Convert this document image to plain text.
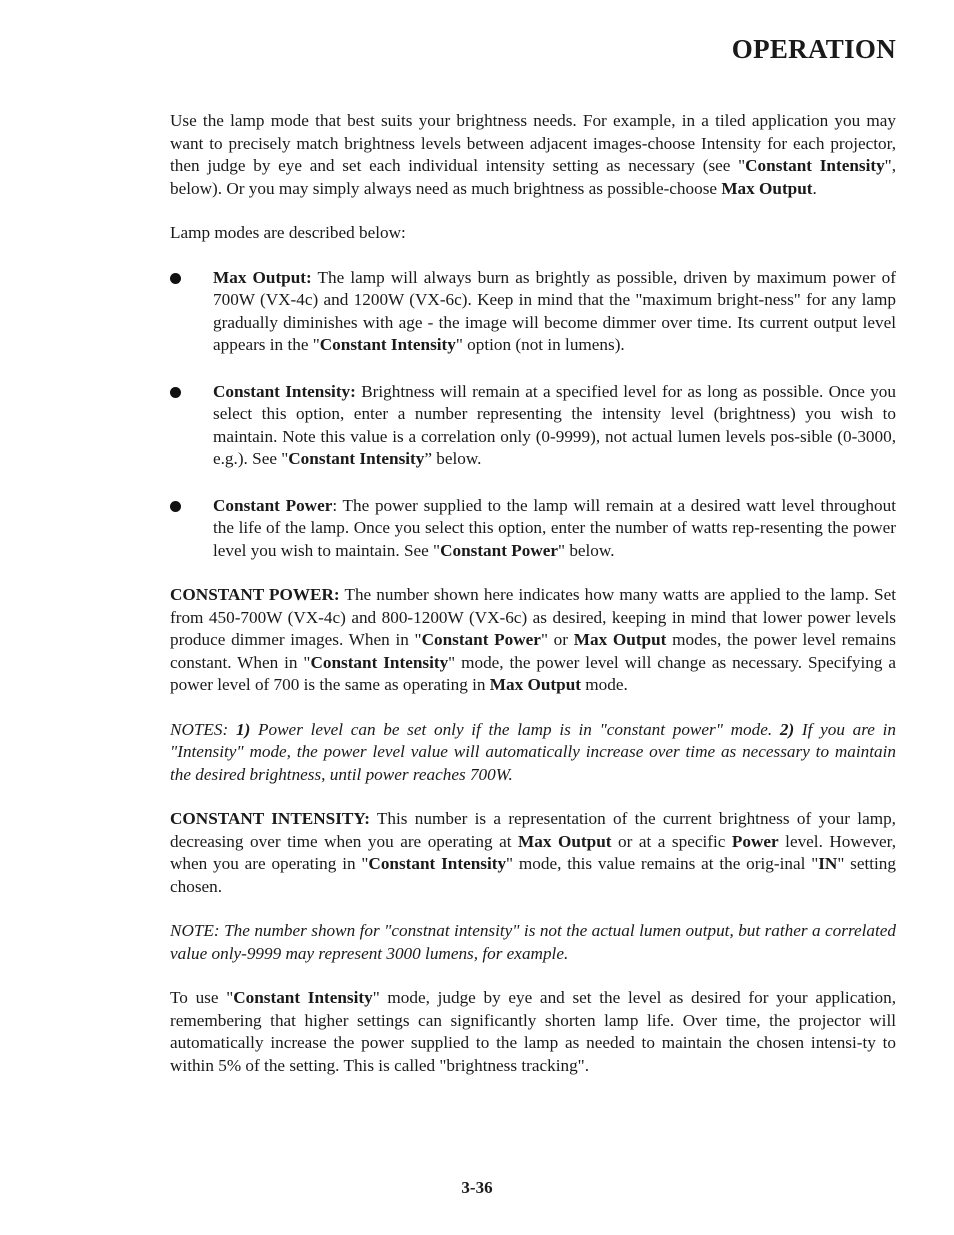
OPERATION

Use the lamp mode that best suits your brightness needs. For example, in a tiled application you may want to precisely match brightness levels between adjacent images-choose Intensity for each projector, then judge by eye and set each individual intensity setting as necessary (see "Constant Intensity", below). Or you may simply always need as much brightness as possible-choose Max Output.

Lamp modes are described below:

Max Output: The lamp will always burn as brightly as possible, driven by maximum power of 700W (VX-4c) and 1200W (VX-6c). Keep in mind that the "maximum bright-ness" for any lamp gradually diminishes with age - the image will become dimmer over time. Its current output level appears in the "Constant Intensity" option (not in lumens).

Constant Intensity: Brightness will remain at a specified level for as long as possible. Once you select this option, enter a number representing the intensity level (brightness) you wish to maintain. Note this value is a correlation only (0-9999), not actual lumen levels pos-sible (0-3000, e.g.). See "Constant Intensity” below.

Constant Power: The power supplied to the lamp will remain at a desired watt level throughout the life of the lamp. Once you select this option, enter the number of watts rep-resenting the power level you wish to maintain. See "Constant Power" below.

CONSTANT POWER: The number shown here indicates how many watts are applied to the lamp. Set from 450-700W (VX-4c) and 800-1200W (VX-6c) as desired, keeping in mind that lower power levels produce dimmer images. When in "Constant Power" or Max Output modes, the power level remains constant. When in "Constant Intensity" mode, the power level will change as necessary. Specifying a power level of 700 is the same as operating in Max Output mode.

NOTES: 1) Power level can be set only if the lamp is in "constant power" mode. 2) If you are in "Intensity" mode, the power level value will automatically increase over time as necessary to maintain the desired brightness, until power reaches 700W.

CONSTANT INTENSITY: This number is a representation of the current brightness of your lamp, decreasing over time when you are operating at Max Output or at a specific Power level. However, when you are operating in "Constant Intensity" mode, this value remains at the orig-inal "IN" setting chosen.

NOTE: The number shown for "constnat intensity" is not the actual lumen output, but rather a correlated value only-9999 may represent 3000 lumens, for example.

To use "Constant Intensity" mode, judge by eye and set the level as desired for your application, remembering that higher settings can significantly shorten lamp life. Over time, the projector will automatically increase the power supplied to the lamp as needed to maintain the chosen intensi-ty to within 5% of the setting. This is called "brightness tracking".

3-36
